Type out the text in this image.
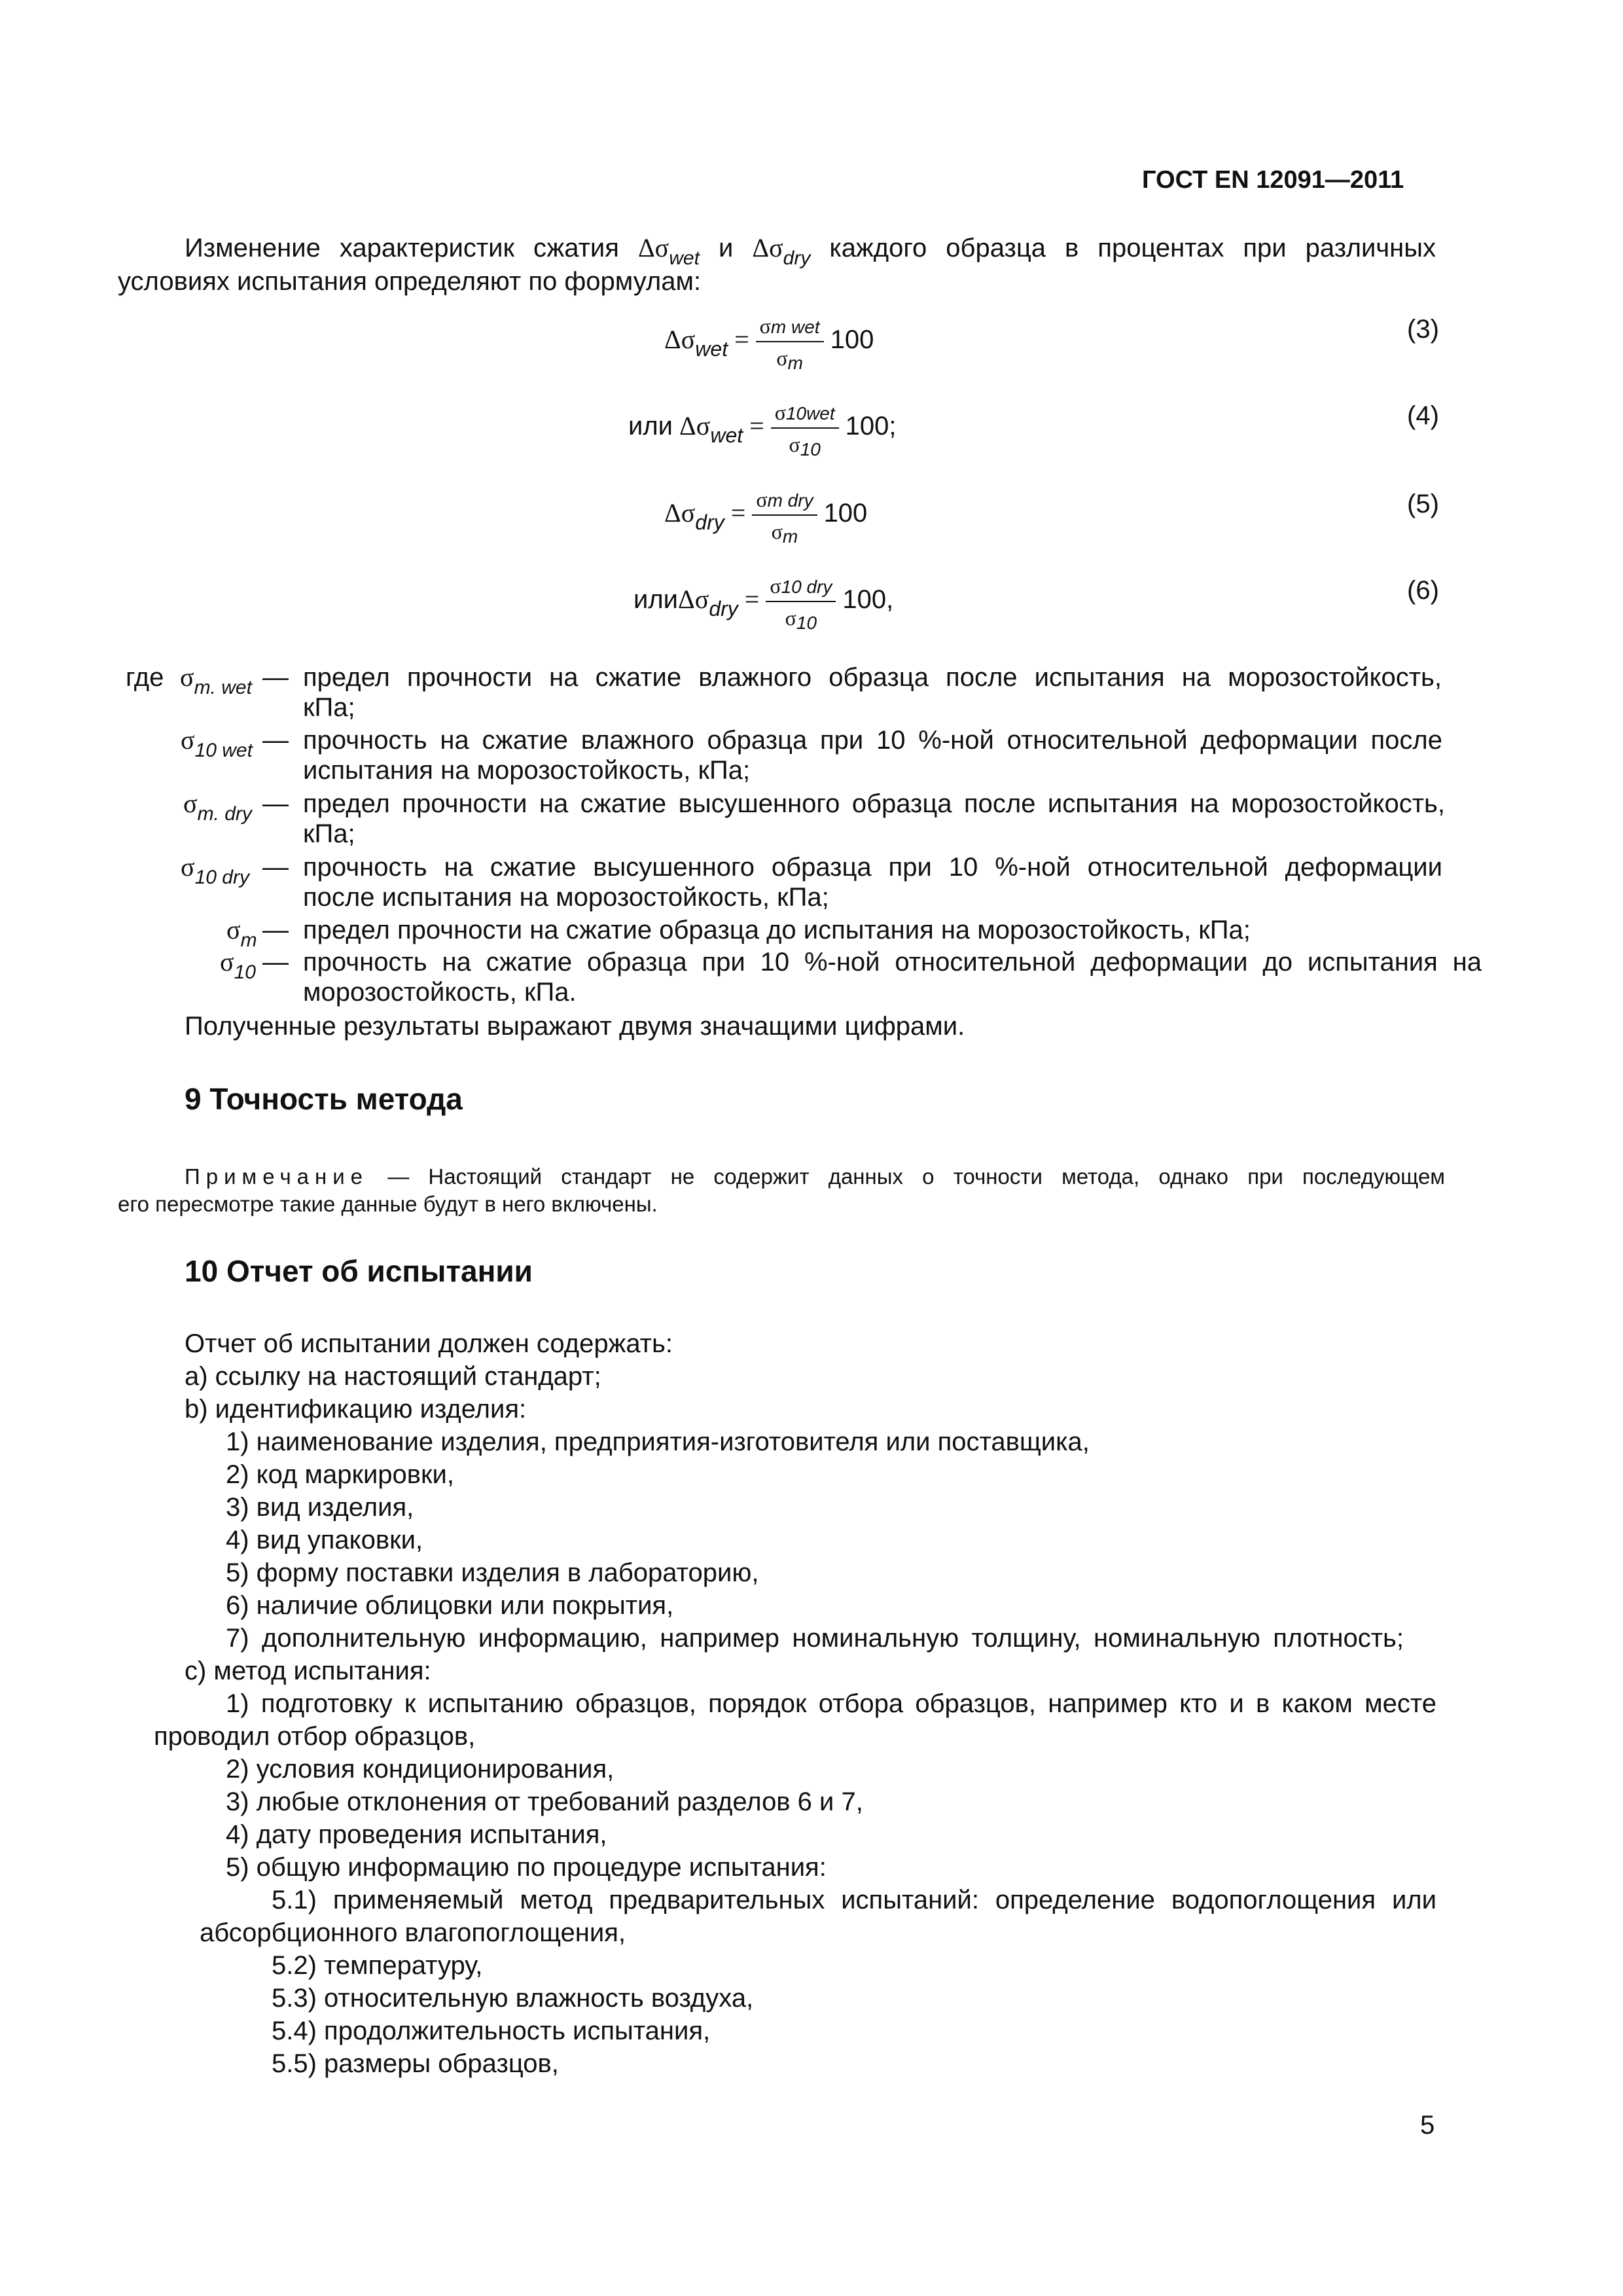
ГОСТ EN 12091—2011
Изменение характеристик сжатия $\Delta\sigma_{wet}$ и $\Delta\sigma_{dry}$ каждого образца в процентах при различных
условиях испытания определяют по формулам:
$\Delta\sigma_{wet} = \frac{\text{σm wet}}{\sigma m} 100$	(3)
или $\Delta\sigma_{wet} = \frac{\text{σ10wet}}{\sigma 10} 100$;	(4)
$\Delta\sigma_{dry} = \frac{\text{σm dry}}{\sigma m} 100$	(5)
$или\Delta\sigma_{dry} = \frac{\text{σ10 dry}}{\sigma 10} 100$,	(6)
где $\sigma_{m. wet}$ — предел прочности на сжатие влажного образца после испытания на морозостойкость,
кПа;
$\sigma_{10 wet}$ — прочность на сжатие влажного образца при 10 %-ной относительной деформации после
испытания на морозостойкость, кПа;
$\sigma_{m. dry}$ — предел прочности на сжатие высушенного образца после испытания на морозостойкость,
кПа;
$\sigma_{10 dry}$ — прочность на сжатие высушенного образца при 10 %-ной относительной деформации
после испытания на морозостойкость, кПа;
$\sigma_m$ — предел прочности на сжатие образца до испытания на морозостойкость, кПа;
$\sigma_{10}$ — прочность на сжатие образца при 10 %-ной относительной деформации до испытания на
морозостойкость, кПа.
Полученные результаты выражают двумя значащими цифрами.
9 Точность метода
Примечание — Настоящий стандарт не содержит данных о точности метода, однако при последующем
его пересмотре такие данные будут в него включены.
10 Отчет об испытании
Отчет об испытании должен содержать:
a) ссылку на настоящий стандарт;
b) идентификацию изделия:
1) наименование изделия, предприятия-изготовителя или поставщика,
2) код маркировки,
3) вид изделия,
4) вид упаковки,
5) форму поставки изделия в лабораторию,
6) наличие облицовки или покрытия,
7) дополнительную информацию, например номинальную толщину, номинальную плотность;
c) метод испытания:
1) подготовку к испытанию образцов, порядок отбора образцов, например кто и в каком месте
проводил отбор образцов,
2) условия кондиционирования,
3) любые отклонения от требований разделов 6 и 7,
4) дату проведения испытания,
5) общую информацию по процедуре испытания:
5.1) применяемый метод предварительных испытаний: определение водопоглощения или
абсорбционного влагопоглощения,
5.2) температуру,
5.3) относительную влажность воздуха,
5.4) продолжительность испытания,
5.5) размеры образцов,
5
